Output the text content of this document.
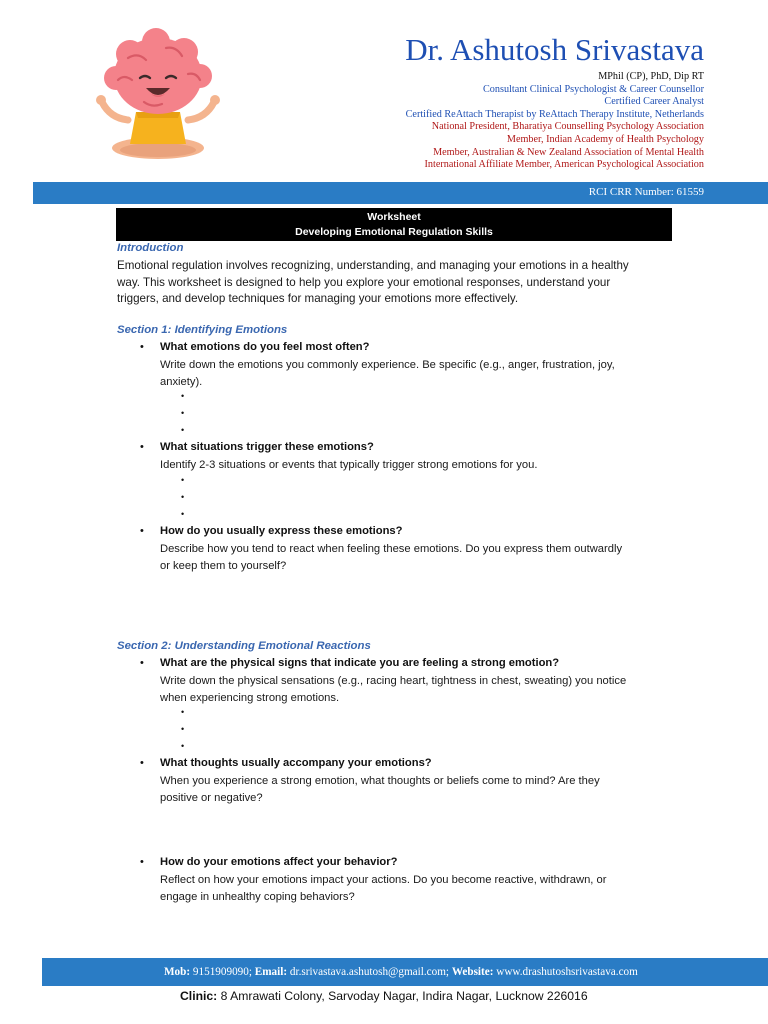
Dr. Ashutosh Srivastava
MPhil (CP), PhD, Dip RT
Consultant Clinical Psychologist & Career Counsellor
Certified Career Analyst
Certified ReAttach Therapist by ReAttach Therapy Institute, Netherlands
National President, Bharatiya Counselling Psychology Association
Member, Indian Academy of Health Psychology
Member, Australian & New Zealand Association of Mental Health
International Affiliate Member, American Psychological Association
RCI CRR Number: 61559
Worksheet
Developing Emotional Regulation Skills
Introduction
Emotional regulation involves recognizing, understanding, and managing your emotions in a healthy
way. This worksheet is designed to help you explore your emotional responses, understand your
triggers, and develop techniques for managing your emotions more effectively.
Section 1: Identifying Emotions
• What emotions do you feel most often?
Write down the emotions you commonly experience. Be specific (e.g., anger, frustration, joy,
anxiety).
•
•
•
• What situations trigger these emotions?
Identify 2-3 situations or events that typically trigger strong emotions for you.
•
•
•
• How do you usually express these emotions?
Describe how you tend to react when feeling these emotions. Do you express them outwardly
or keep them to yourself?
Section 2: Understanding Emotional Reactions
• What are the physical signs that indicate you are feeling a strong emotion?
Write down the physical sensations (e.g., racing heart, tightness in chest, sweating) you notice
when experiencing strong emotions.
•
•
•
• What thoughts usually accompany your emotions?
When you experience a strong emotion, what thoughts or beliefs come to mind? Are they
positive or negative?
• How do your emotions affect your behavior?
Reflect on how your emotions impact your actions. Do you become reactive, withdrawn, or
engage in unhealthy coping behaviors?
Mob: 9151909090; Email: dr.srivastava.ashutosh@gmail.com; Website: www.drashutoshsrivastava.com
Clinic: 8 Amrawati Colony, Sarvoday Nagar, Indira Nagar, Lucknow 226016
